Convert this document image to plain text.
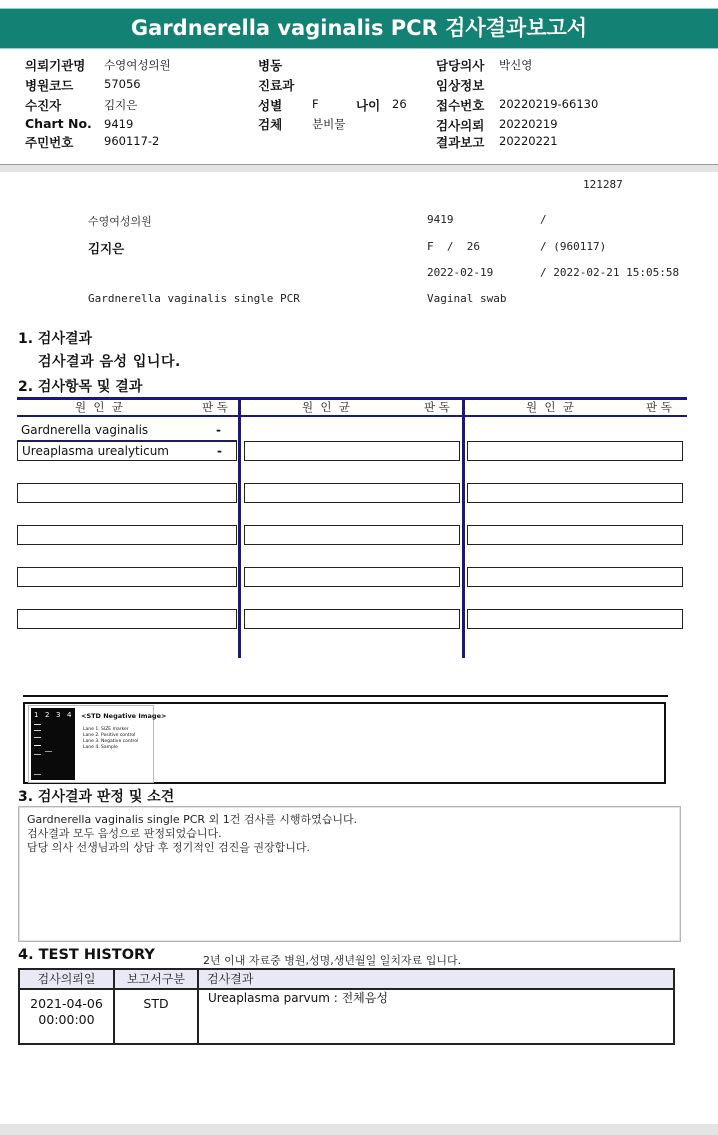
Gardnerella vaginalis PCR 검사결과보고서
의뢰기관명 수영여성의원
병원코드	57056
수진자	김지은
Chart No. 9419
주민번호	960117-2
병동
진료과
성별	F	나이 26
검체	분비물
담당의사 박신영
임상정보
접수번호 20220219-66130
검사의뢰 20220219
결과보고 20220221
121287
수영여성의원	9419	/
김지은	F  /  26	/ (960117)
2022-02-19	/ 2022-02-21 15:05:58
Gardnerella vaginalis single PCR	Vaginal swab
1. 검사결과
검사결과 음성 입니다.
2. 검사항목 및 결과
원  인  균	판 독	원  인  균	판 독	원  인  균	판 독
Gardnerella vaginalis	-
Ureaplasma urealyticum	-
1 2 3 4 <STD Negative Image>
Lane 1. SIZE marker
Lane 2. Positive control
Lane 3. Negative control
Lane 4. Sample
3. 검사결과 판정 및 소견
Gardnerella vaginalis single PCR 외 1건 검사를 시행하였습니다.
검사결과 모두 음성으로 판정되었습니다.
담당 의사 선생님과의 상담 후 정기적인 검진을 권장합니다.
4. TEST HISTORY	2년 이내 자료중 병원,성명,생년월일 일치자료 입니다.
검사의뢰일	보고서구분	검사결과
2021-04-06
00:00:00
STD	Ureaplasma parvum : 전체음성
